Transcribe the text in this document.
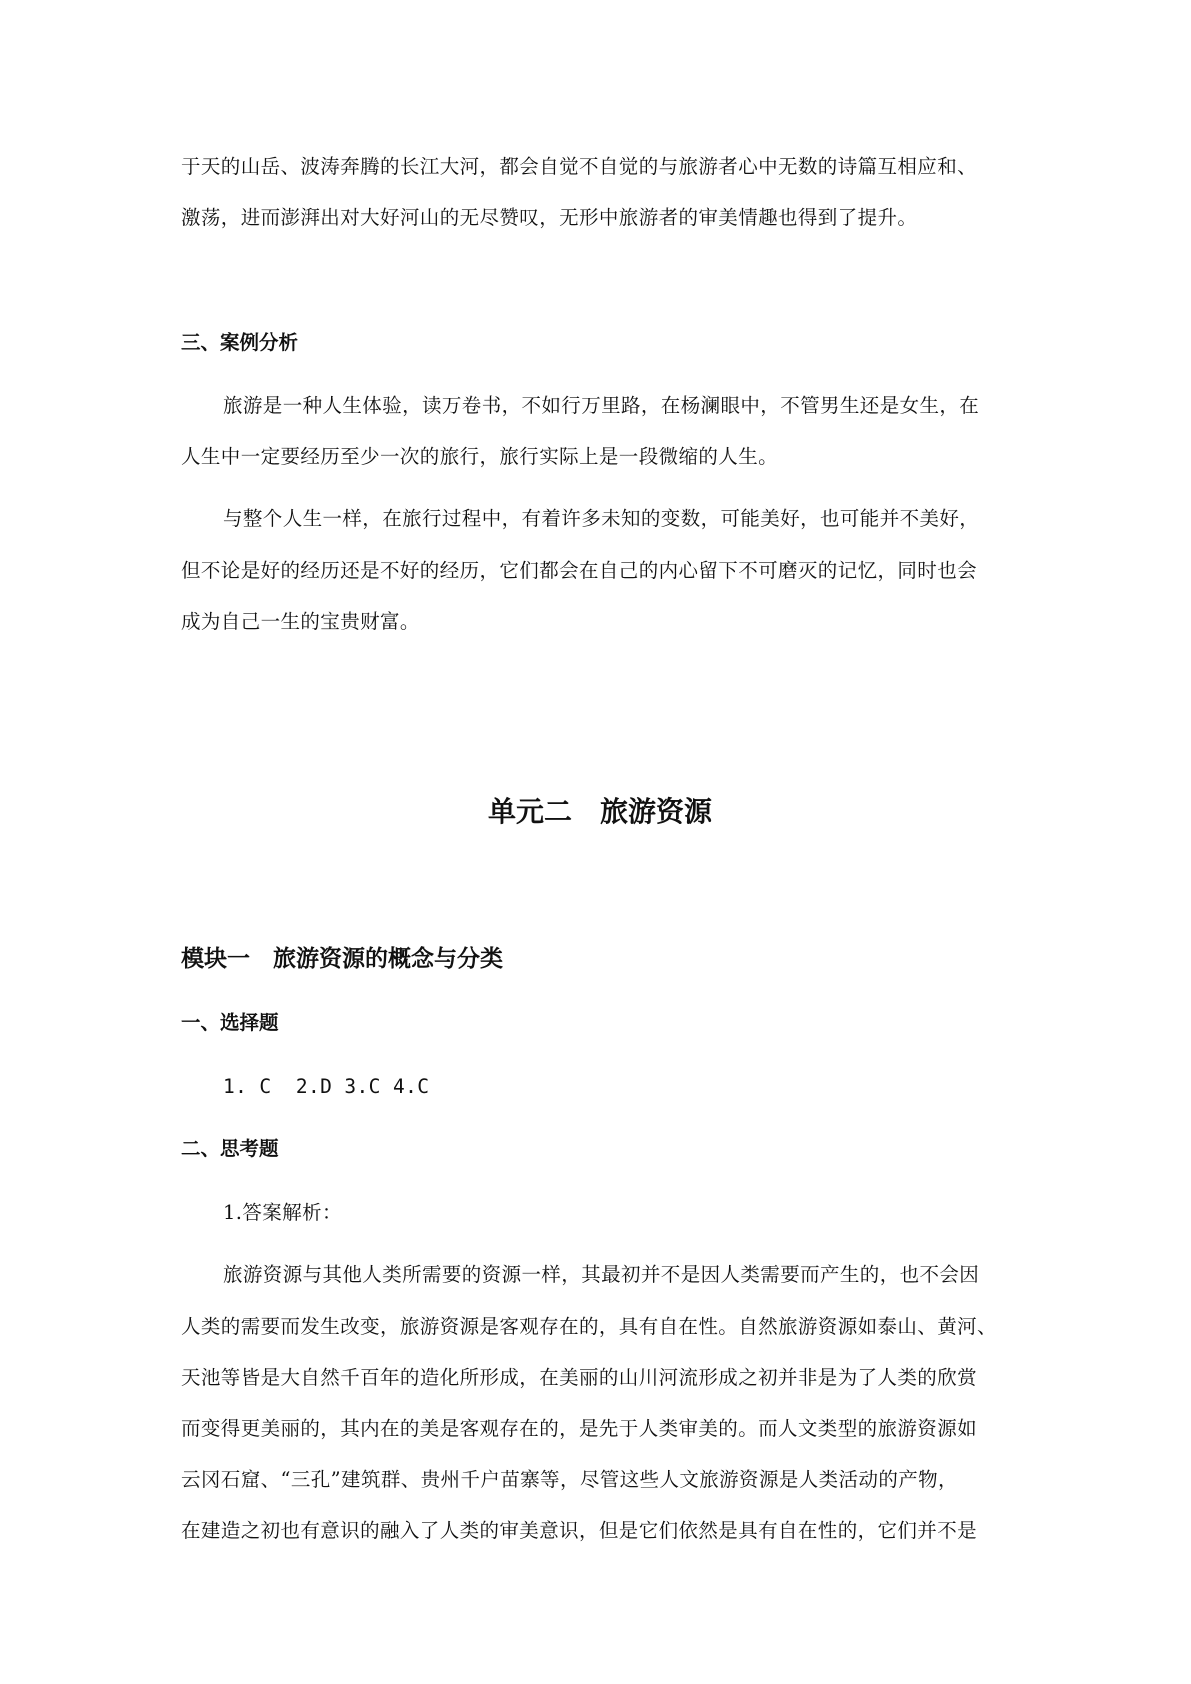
于天的山岳、波涛奔腾的长江大河，都会自觉不自觉的与旅游者心中无数的诗篇互相应和、
激荡，进而澎湃出对大好河山的无尽赞叹，无形中旅游者的审美情趣也得到了提升。
三、案例分析
旅游是一种人生体验，读万卷书，不如行万里路，在杨澜眼中，不管男生还是女生，在
人生中一定要经历至少一次的旅行，旅行实际上是一段微缩的人生。
与整个人生一样，在旅行过程中，有着许多未知的变数，可能美好，也可能并不美好，
但不论是好的经历还是不好的经历，它们都会在自己的内心留下不可磨灭的记忆，同时也会
成为自己一生的宝贵财富。
单元二　旅游资源
模块一　旅游资源的概念与分类
一、选择题
1. C  2.D 3.C 4.C
二、思考题
1.答案解析：
旅游资源与其他人类所需要的资源一样，其最初并不是因人类需要而产生的，也不会因
人类的需要而发生改变，旅游资源是客观存在的，具有自在性。自然旅游资源如泰山、黄河、
天池等皆是大自然千百年的造化所形成，在美丽的山川河流形成之初并非是为了人类的欣赏
而变得更美丽的，其内在的美是客观存在的，是先于人类审美的。而人文类型的旅游资源如
云冈石窟、“三孔”建筑群、贵州千户苗寨等，尽管这些人文旅游资源是人类活动的产物，
在建造之初也有意识的融入了人类的审美意识，但是它们依然是具有自在性的，它们并不是
